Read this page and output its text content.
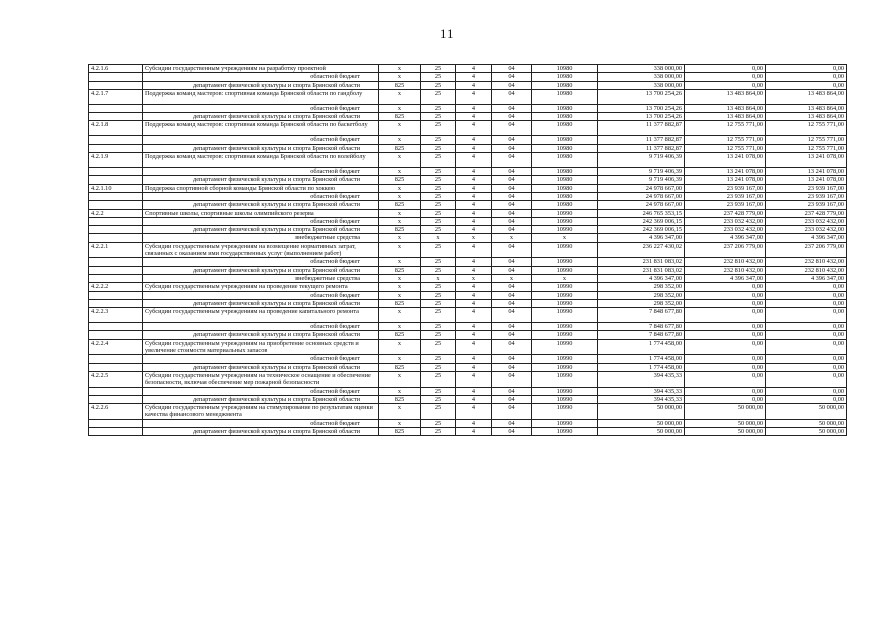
11
4.2.1.6	Субсидии государственным учреждениям на разработку проектной	x	25	4	04	10980	338 000,00	0,00	0,00
	областной бюджет	x	25	4	04	10980	338 000,00	0,00	0,00
	департамент физической культуры и спорта Брянской области	825	25	4	04	10980	338 000,00	0,00	0,00
4.2.1.7	Поддержка команд мастеров: спортивная команда Брянской области по гандболу	x	25	4	04	10980	13 700 254,26	13 483 864,00	13 483 864,00
	областной бюджет	x	25	4	04	10980	13 700 254,26	13 483 864,00	13 483 864,00
	департамент физической культуры и спорта Брянской области	825	25	4	04	10980	13 700 254,26	13 483 864,00	13 483 864,00
4.2.1.8	Поддержка команд мастеров: спортивная команда Брянской области по баскетболу	x	25	4	04	10980	11 377 882,87	12 755 771,00	12 755 771,00
	областной бюджет	x	25	4	04	10980	11 377 882,87	12 755 771,00	12 755 771,00
	департамент физической культуры и спорта Брянской области	825	25	4	04	10980	11 377 882,87	12 755 771,00	12 755 771,00
4.2.1.9	Поддержка команд мастеров: спортивная команда Брянской области по волейболу	x	25	4	04	10980	9 719 406,39	13 241 078,00	13 241 078,00
	областной бюджет	x	25	4	04	10980	9 719 406,39	13 241 078,00	13 241 078,00
	департамент физической культуры и спорта Брянской области	825	25	4	04	10980	9 719 406,39	13 241 078,00	13 241 078,00
4.2.1.10	Поддержка спортивной сборной команды Брянской области по хоккею	x	25	4	04	10980	24 978 667,00	23 939 167,00	23 939 167,00
	областной бюджет	x	25	4	04	10980	24 978 667,00	23 939 167,00	23 939 167,00
	департамент физической культуры и спорта Брянской области	825	25	4	04	10980	24 978 667,00	23 939 167,00	23 939 167,00
4.2.2	Спортивные школы, спортивные школы олимпийского резерва	x	25	4	04	10990	246 765 353,15	237 428 779,00	237 428 779,00
	областной бюджет	x	25	4	04	10990	242 369 006,15	233 032 432,00	233 032 432,00
	департамент физической культуры и спорта Брянской области	825	25	4	04	10990	242 369 006,15	233 032 432,00	233 032 432,00
	внебюджетные средства	x	x	x	x	x	4 396 347,00	4 396 347,00	4 396 347,00
4.2.2.1	Субсидии государственным учреждениям на возмещение нормативных затрат, связанных с оказанием ими государственных услуг (выполнением работ)	x	25	4	04	10990	236 227 430,02	237 206 779,00	237 206 779,00
	областной бюджет	x	25	4	04	10990	231 831 083,02	232 810 432,00	232 810 432,00
	департамент физической культуры и спорта Брянской области	825	25	4	04	10990	231 831 083,02	232 810 432,00	232 810 432,00
	внебюджетные средства	x	x	x	x	x	4 396 347,00	4 396 347,00	4 396 347,00
4.2.2.2	Субсидии государственным учреждениям на проведение текущего ремонта	x	25	4	04	10990	298 352,00	0,00	0,00
	областной бюджет	x	25	4	04	10990	298 352,00	0,00	0,00
	департамент физической культуры и спорта Брянской области	825	25	4	04	10990	298 352,00	0,00	0,00
4.2.2.3	Субсидии государственным учреждениям на проведение капитального ремонта	x	25	4	04	10990	7 848 677,80	0,00	0,00
	областной бюджет	x	25	4	04	10990	7 848 677,80	0,00	0,00
	департамент физической культуры и спорта Брянской области	825	25	4	04	10990	7 848 677,80	0,00	0,00
4.2.2.4	Субсидии государственным учреждениям на приобретение основных средств и увеличение стоимости материальных запасов	x	25	4	04	10990	1 774 458,00	0,00	0,00
	областной бюджет	x	25	4	04	10990	1 774 458,00	0,00	0,00
	департамент физической культуры и спорта Брянской области	825	25	4	04	10990	1 774 458,00	0,00	0,00
4.2.2.5	Субсидии государственным учреждениям на техническое оснащение и обеспечение безопасности, включая обеспечение мер пожарной безопасности	x	25	4	04	10990	394 435,33	0,00	0,00
	областной бюджет	x	25	4	04	10990	394 435,33	0,00	0,00
	департамент физической культуры и спорта Брянской области	825	25	4	04	10990	394 435,33	0,00	0,00
4.2.2.6	Субсидии государственным учреждениям на стимулирование по результатам оценки качества финансового менеджмента	x	25	4	04	10990	50 000,00	50 000,00	50 000,00
	областной бюджет	x	25	4	04	10990	50 000,00	50 000,00	50 000,00
	департамент физической культуры и спорта Брянской области	825	25	4	04	10990	50 000,00	50 000,00	50 000,00
